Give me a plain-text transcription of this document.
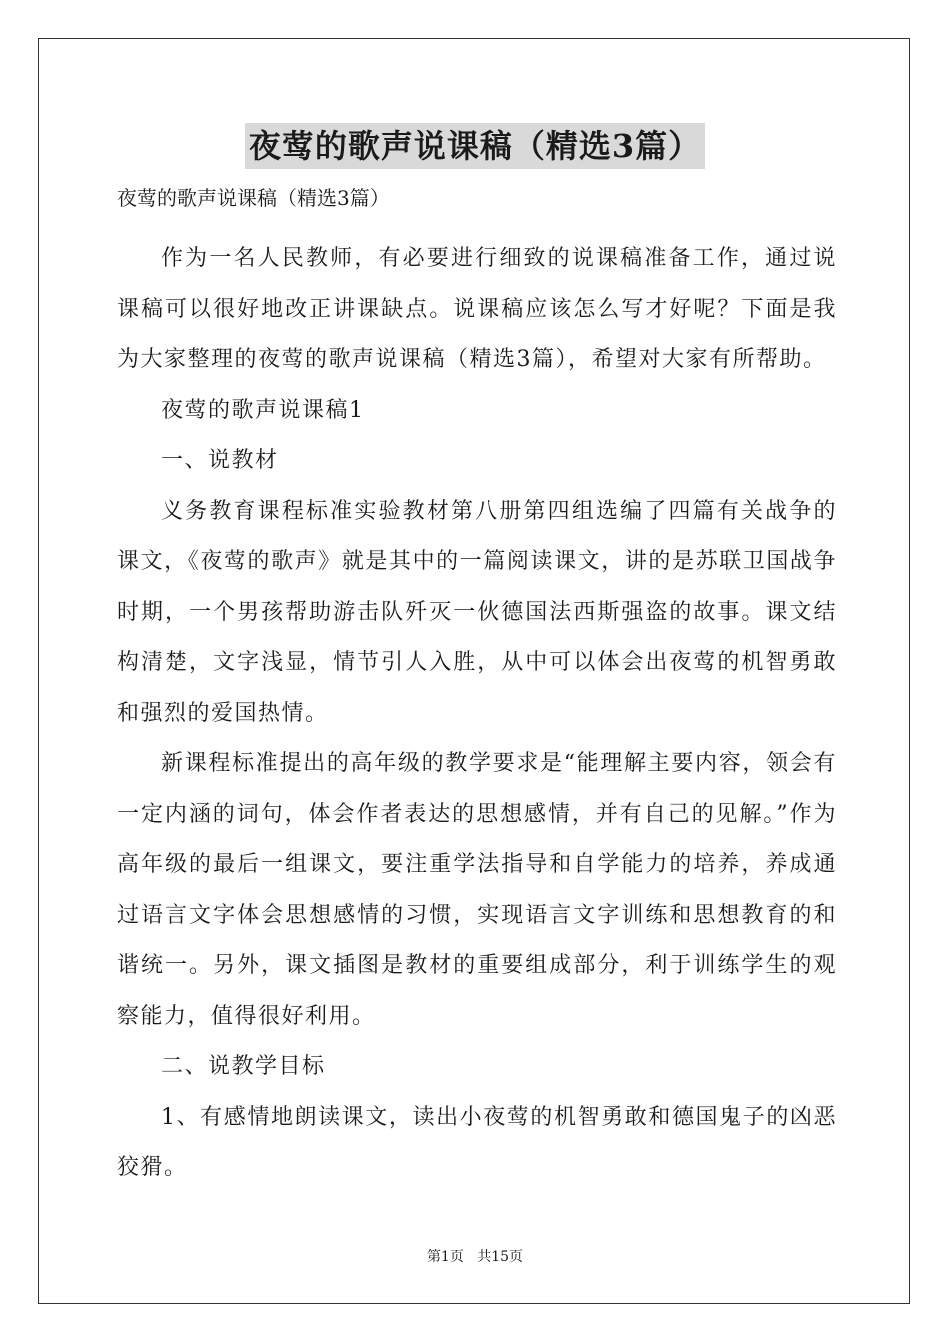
夜莺的歌声说课稿（精选3篇）
夜莺的歌声说课稿（精选3篇）

作为一名人民教师，有必要进行细致的说课稿准备工作，通过说课稿可以很好地改正讲课缺点。说课稿应该怎么写才好呢？下面是我为大家整理的夜莺的歌声说课稿（精选3篇），希望对大家有所帮助。

夜莺的歌声说课稿1

一、说教材

义务教育课程标准实验教材第八册第四组选编了四篇有关战争的课文，《夜莺的歌声》就是其中的一篇阅读课文，讲的是苏联卫国战争时期，一个男孩帮助游击队歼灭一伙德国法西斯强盗的故事。课文结构清楚，文字浅显，情节引人入胜，从中可以体会出夜莺的机智勇敢和强烈的爱国热情。

新课程标准提出的高年级的教学要求是“能理解主要内容，领会有一定内涵的词句，体会作者表达的思想感情，并有自己的见解。”作为高年级的最后一组课文，要注重学法指导和自学能力的培养，养成通过语言文字体会思想感情的习惯，实现语言文字训练和思想教育的和谐统一。另外，课文插图是教材的重要组成部分，利于训练学生的观察能力，值得很好利用。

二、说教学目标

1、有感情地朗读课文，读出小夜莺的机智勇敢和德国鬼子的凶恶狡猾。

第1页 共15页
